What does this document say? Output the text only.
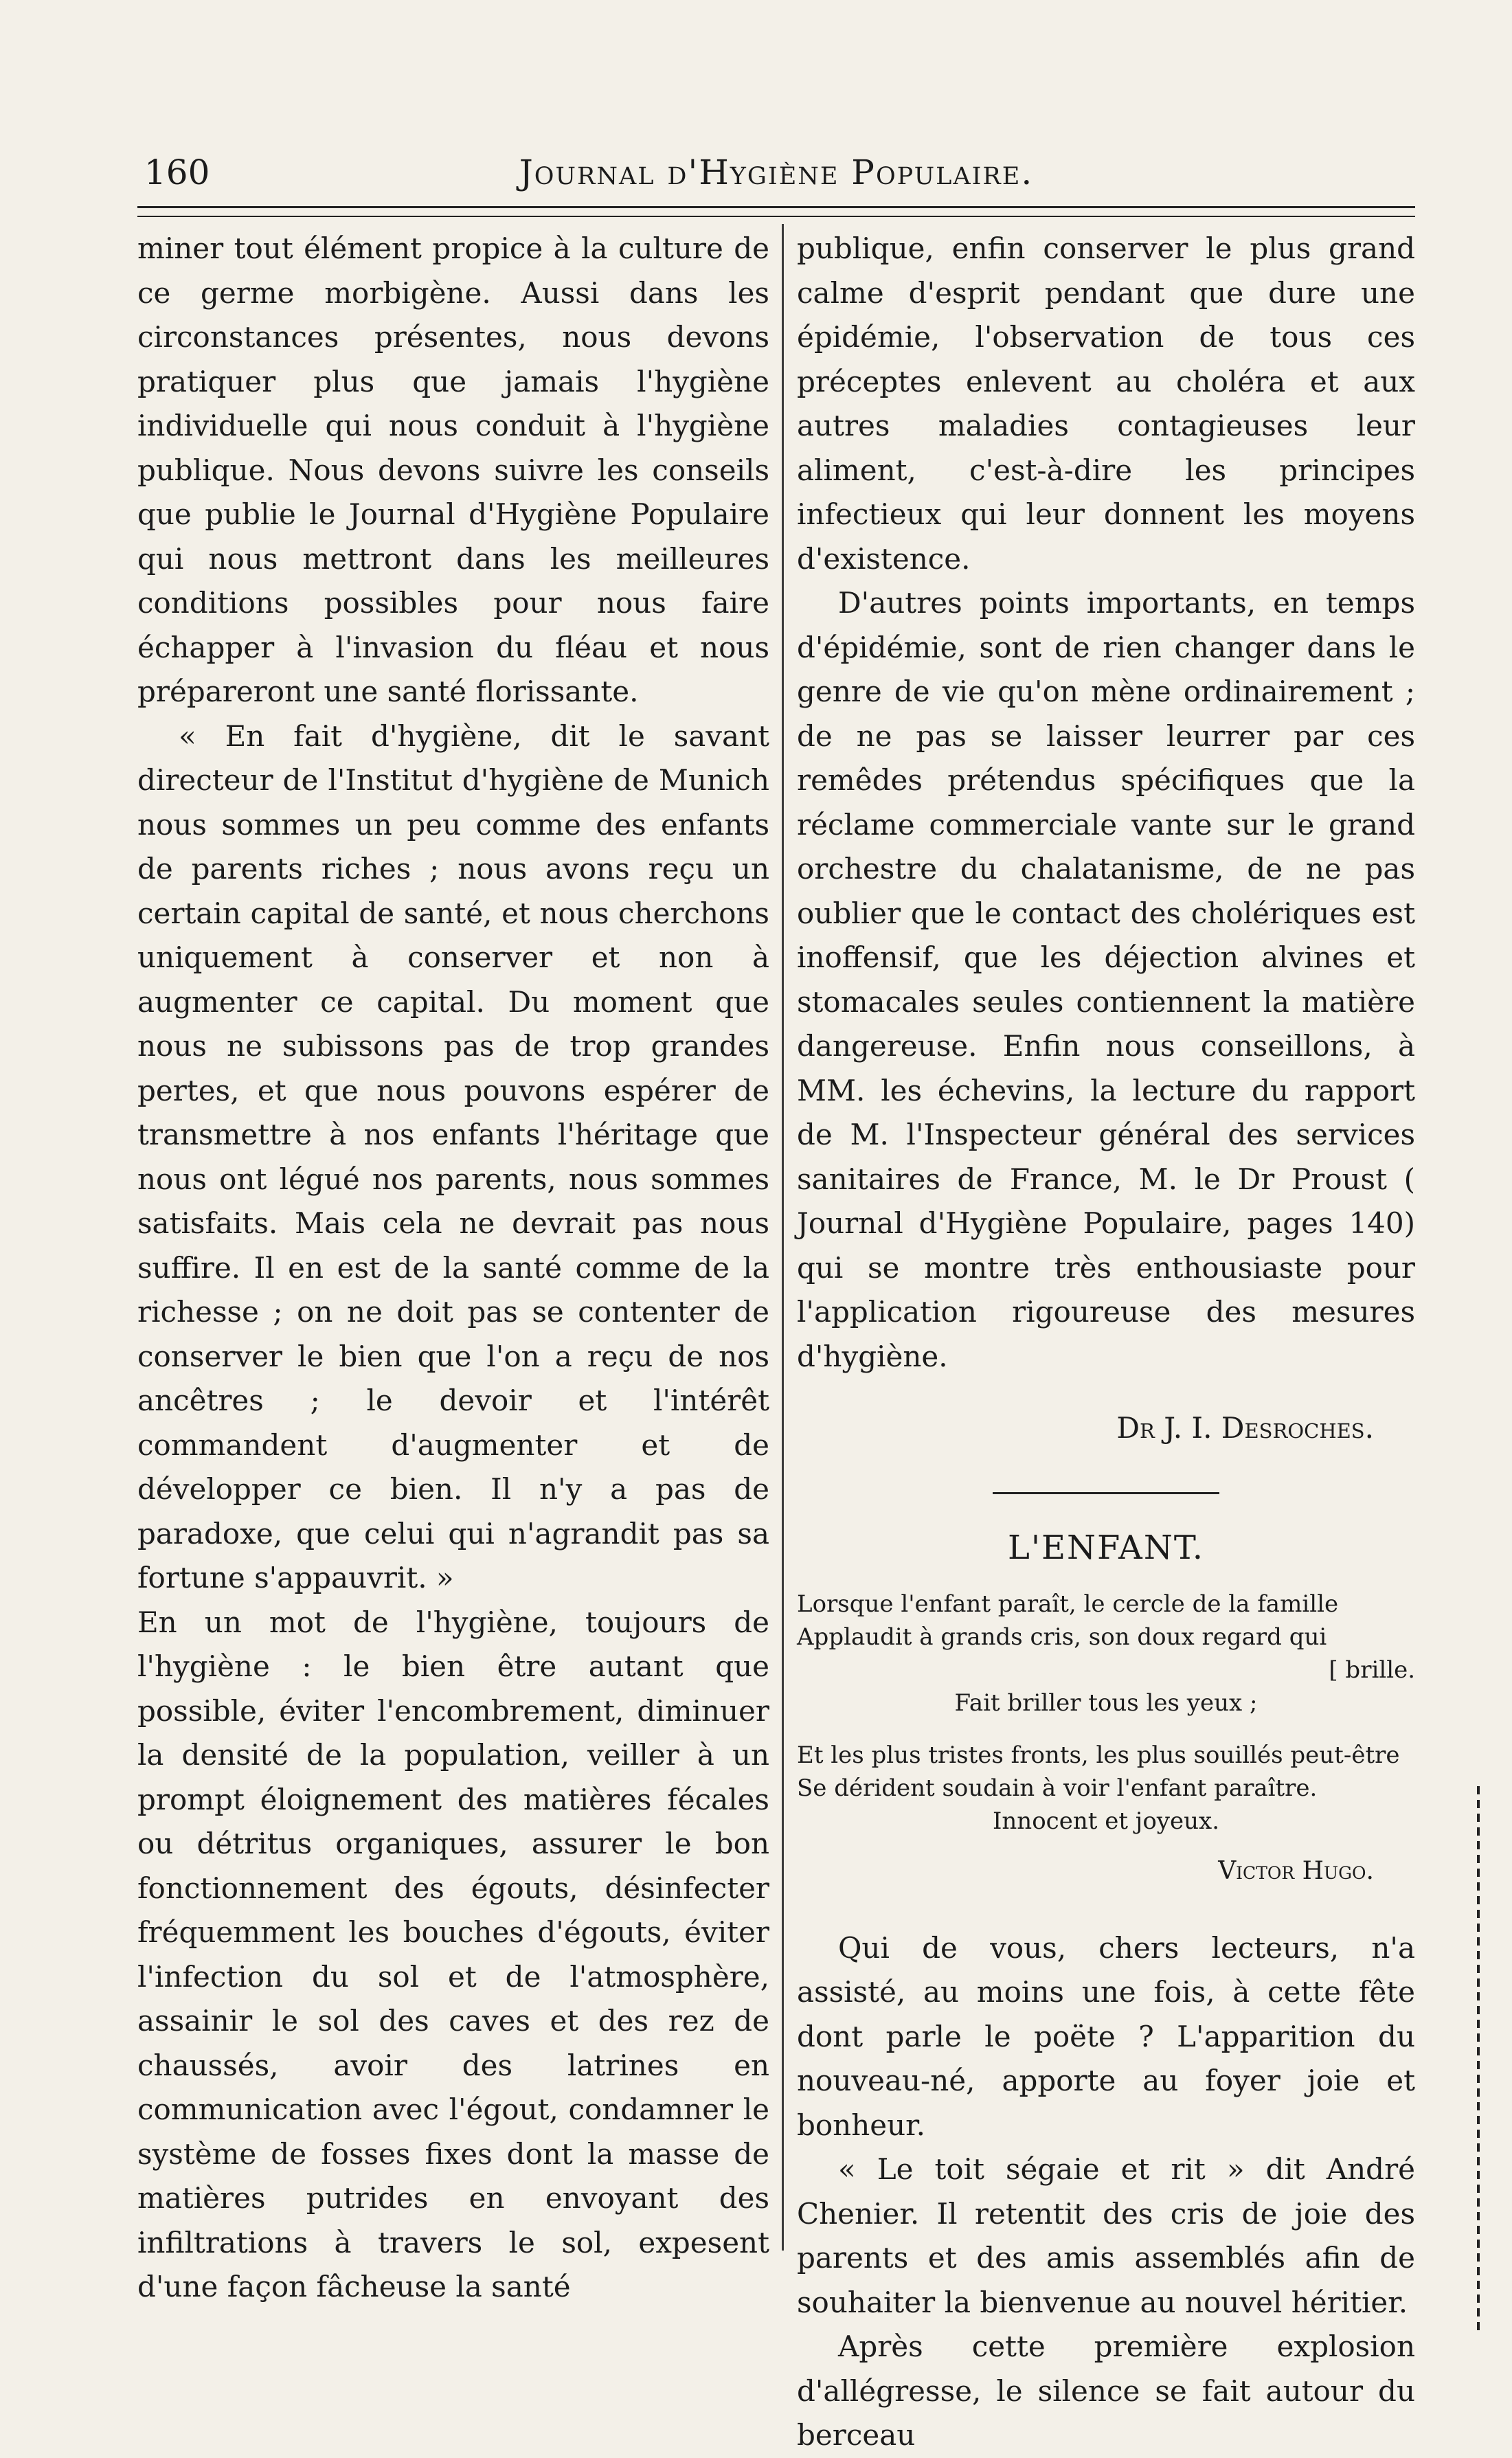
160	Journal d'Hygiène Populaire.

miner tout élément propice à la culture de ce germe morbigène. Aussi dans les circonstances présentes, nous devons pratiquer plus que jamais l'hygiène individuelle qui nous conduit à l'hygiène publique. Nous devons suivre les conseils que publie le Journal d'Hygiène Populaire qui nous mettront dans les meilleures conditions possibles pour nous faire échapper à l'invasion du fléau et nous prépareront une santé florissante.

« En fait d'hygiène, dit le savant directeur de l'Institut d'hygiène de Munich nous sommes un peu comme des enfants de parents riches ; nous avons reçu un certain capital de santé, et nous cherchons uniquement à conserver et non à augmenter ce capital. Du moment que nous ne subissons pas de trop grandes pertes, et que nous pouvons espérer de transmettre à nos enfants l'héritage que nous ont légué nos parents, nous sommes satisfaits. Mais cela ne devrait pas nous suffire. Il en est de la santé comme de la richesse ; on ne doit pas se contenter de conserver le bien que l'on a reçu de nos ancêtres ; le devoir et l'intérêt commandent d'augmenter et de développer ce bien. Il n'y a pas de paradoxe, que celui qui n'agrandit pas sa fortune s'appauvrit. »

En un mot de l'hygiène, toujours de l'hygiène : le bien être autant que possible, éviter l'encombrement, diminuer la densité de la population, veiller à un prompt éloignement des matières fécales ou détritus organiques, assurer le bon fonctionnement des égouts, désinfecter fréquemment les bouches d'égouts, éviter l'infection du sol et de l'atmosphère, assainir le sol des caves et des rez de chaussés, avoir des latrines en communication avec l'égout, condamner le système de fosses fixes dont la masse de matières putrides en envoyant des infiltrations à travers le sol, expesent d'une façon fâcheuse la santé

publique, enfin conserver le plus grand calme d'esprit pendant que dure une épidémie, l'observation de tous ces préceptes enlevent au choléra et aux autres maladies contagieuses leur aliment, c'est-à-dire les principes infectieux qui leur donnent les moyens d'existence.

D'autres points importants, en temps d'épidémie, sont de rien changer dans le genre de vie qu'on mène ordinairement ; de ne pas se laisser leurrer par ces remêdes prétendus spécifiques que la réclame commerciale vante sur le grand orchestre du chalatanisme, de ne pas oublier que le contact des cholériques est inoffensif, que les déjection alvines et stomacales seules contiennent la matière dangereuse. Enfin nous conseillons, à MM. les échevins, la lecture du rapport de M. l'Inspecteur général des services sanitaires de France, M. le Dr Proust ( Journal d'Hygiène Populaire, pages 140) qui se montre très enthousiaste pour l'application rigoureuse des mesures d'hygiène.

Dr J. I. Desroches.
L'ENFANT.
Lorsque l'enfant paraît, le cercle de la famille
Applaudit à grands cris, son doux regard qui
[ brille.
Fait briller tous les yeux ;
Et les plus tristes fronts, les plus souillés peut-être
Se dérident soudain à voir l'enfant paraître.
Innocent et joyeux.
Victor Hugo.

Qui de vous, chers lecteurs, n'a assisté, au moins une fois, à cette fête dont parle le poëte ? L'apparition du nouveau-né, apporte au foyer joie et bonheur.

« Le toit ségaie et rit » dit André Chenier. Il retentit des cris de joie des parents et des amis assemblés afin de souhaiter la bienvenue au nouvel héritier.

Après cette première explosion d'allégresse, le silence se fait autour du berceau
